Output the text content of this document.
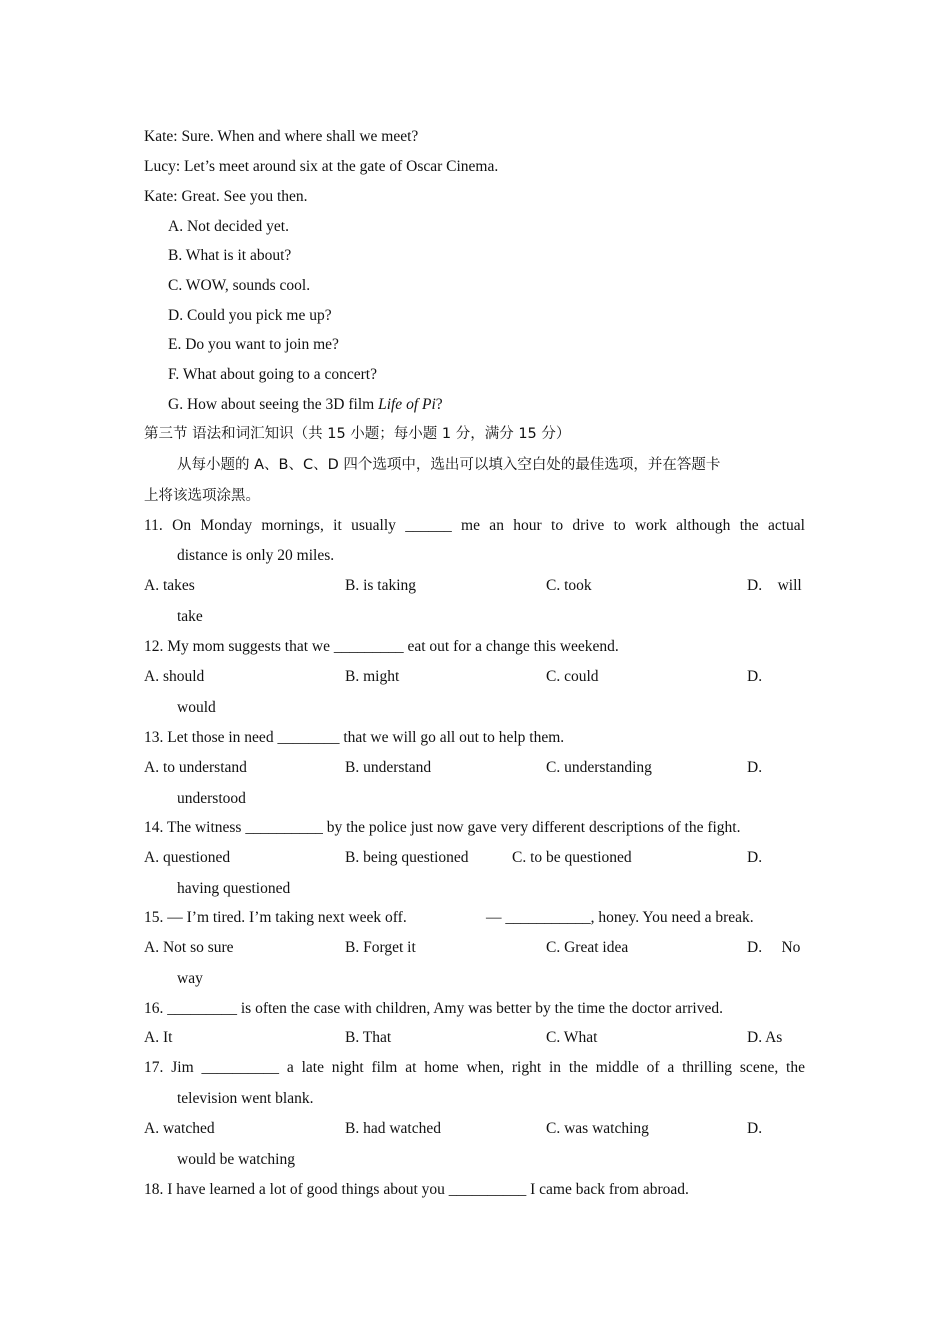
Kate: Sure. When and where shall we meet?
Lucy: Let’s meet around six at the gate of Oscar Cinema.
Kate: Great. See you then.
A. Not decided yet.
B. What is it about?
C. WOW, sounds cool.
D. Could you pick me up?
E. Do you want to join me?
F. What about going to a concert?
G. How about seeing the 3D film Life of Pi?
第三节 语法和词汇知识（共 15 小题；每小题 1 分，满分 15 分）
从每小题的 A、B、C、D 四个选项中，选出可以填入空白处的最佳选项，并在答题卡
上将该选项涂黑。
11. On Monday mornings, it usually ______ me an hour to drive to work although the actual
distance is only 20 miles.
A. takes	B. is taking	C. took	D.    will
take
12. My mom suggests that we _________ eat out for a change this weekend.
A. should	B. might	C. could	D.
would
13. Let those in need ________ that we will go all out to help them.
A. to understand	B. understand	C. understanding	D.
understood
14. The witness __________ by the police just now gave very different descriptions of the fight.
A. questioned	B. being questioned	C. to be questioned	D.
having questioned
15. — I’m tired. I’m taking next week off.	— ___________, honey. You need a break.
A. Not so sure	B. Forget it	C. Great idea	D.     No
way
16. _________ is often the case with children, Amy was better by the time the doctor arrived.
A. It	B. That	C. What	D. As
17. Jim __________ a late night film at home when, right in the middle of a thrilling scene, the
television went blank.
A. watched	B. had watched	C. was watching	D.
would be watching
18. I have learned a lot of good things about you __________ I came back from abroad.
